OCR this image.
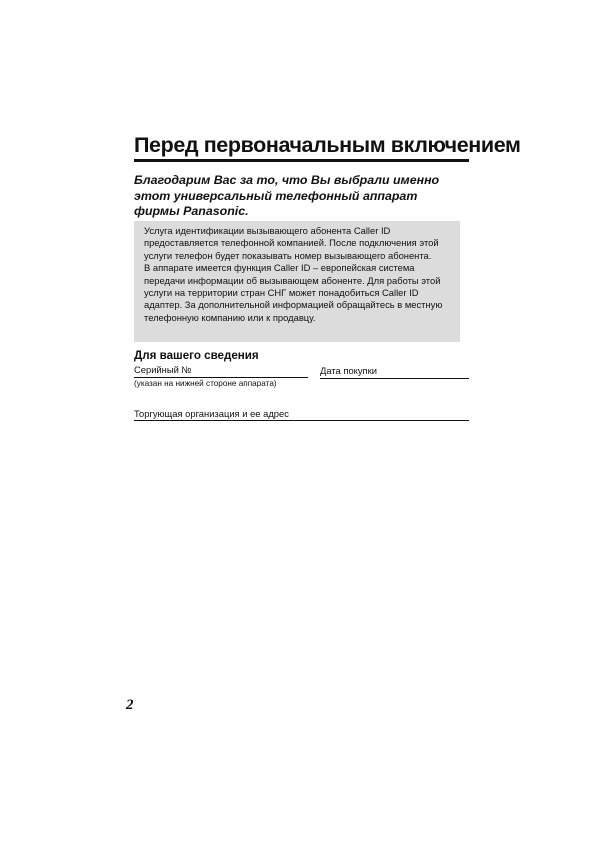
Перед первоначальным включением

Благодарим Вас за то, что Вы выбрали именно этот универсальный телефонный аппарат фирмы Panasonic.

Услуга идентификации вызывающего абонента Caller ID предоставляется телефонной компанией. После подключения этой услуги телефон будет показывать номер вызывающего абонента.

В аппарате имеется функция Caller ID – европейская система передачи информации об вызывающем абоненте. Для работы этой услуги на территории стран СНГ может понадобиться Caller ID адаптер. За дополнительной информацией обращайтесь в местную телефонную компанию или к продавцу.

Для вашего сведения
Серийный №
(указан на нижней стороне аппарата)
Дата покупки
Торгующая организация и ее адрес
2
